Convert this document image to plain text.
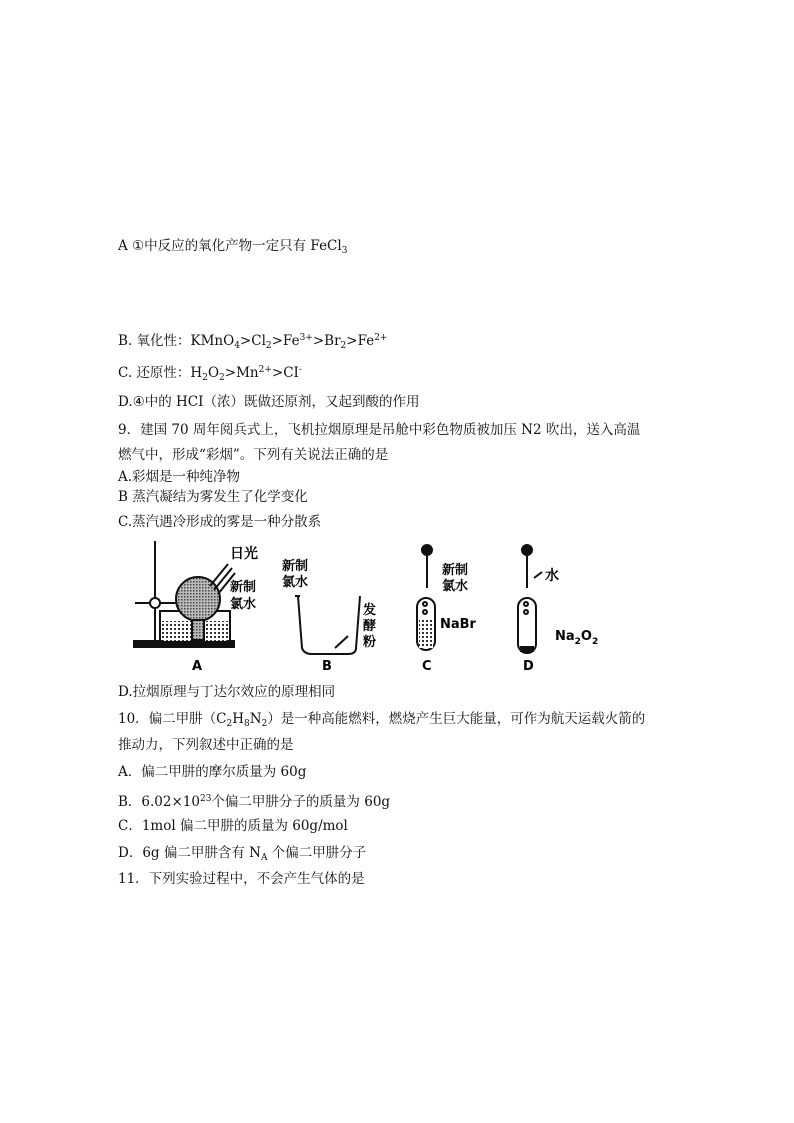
A ①中反应的氧化产物一定只有 FeCl$_3$
B. 氧化性：$KMnO_4>Cl_2>Fe^{3+}>Br_2>Fe^{2+}$
C. 还原性：$H_2O_2>Mn^{2+}>CI^-$
D.④中的 HCI（浓）既做还原剂，又起到酸的作用
9．建国 70 周年阅兵式上，飞机拉烟原理是吊舱中彩色物质被加压 N2 吹出，送入高温
燃气中，形成“彩烟”。下列有关说法正确的是
A.彩烟是一种纯净物
B 蒸汽凝结为雾发生了化学变化
C.蒸汽遇冷形成的雾是一种分散系
日光
新制
氯水
A
新制
氯水
发
酵
粉
B
新制
氯水
NaBr
C
水
$Na_2O_2$
D
D.拉烟原理与丁达尔效应的原理相同
10．偏二甲肼$(C_2H_8N_2)$是一种高能燃料，燃烧产生巨大能量，可作为航天运载火箭的
推动力，下列叙述中正确的是
A．偏二甲肼的摩尔质量为 60g
B．$6.02\times 10^{23}$个偏二甲肼分子的质量为 60g
C．1mol 偏二甲肼的质量为 60g/mol
D．6g 偏二甲肼含有 $N_A$ 个偏二甲肼分子
11．下列实验过程中，不会产生气体的是
